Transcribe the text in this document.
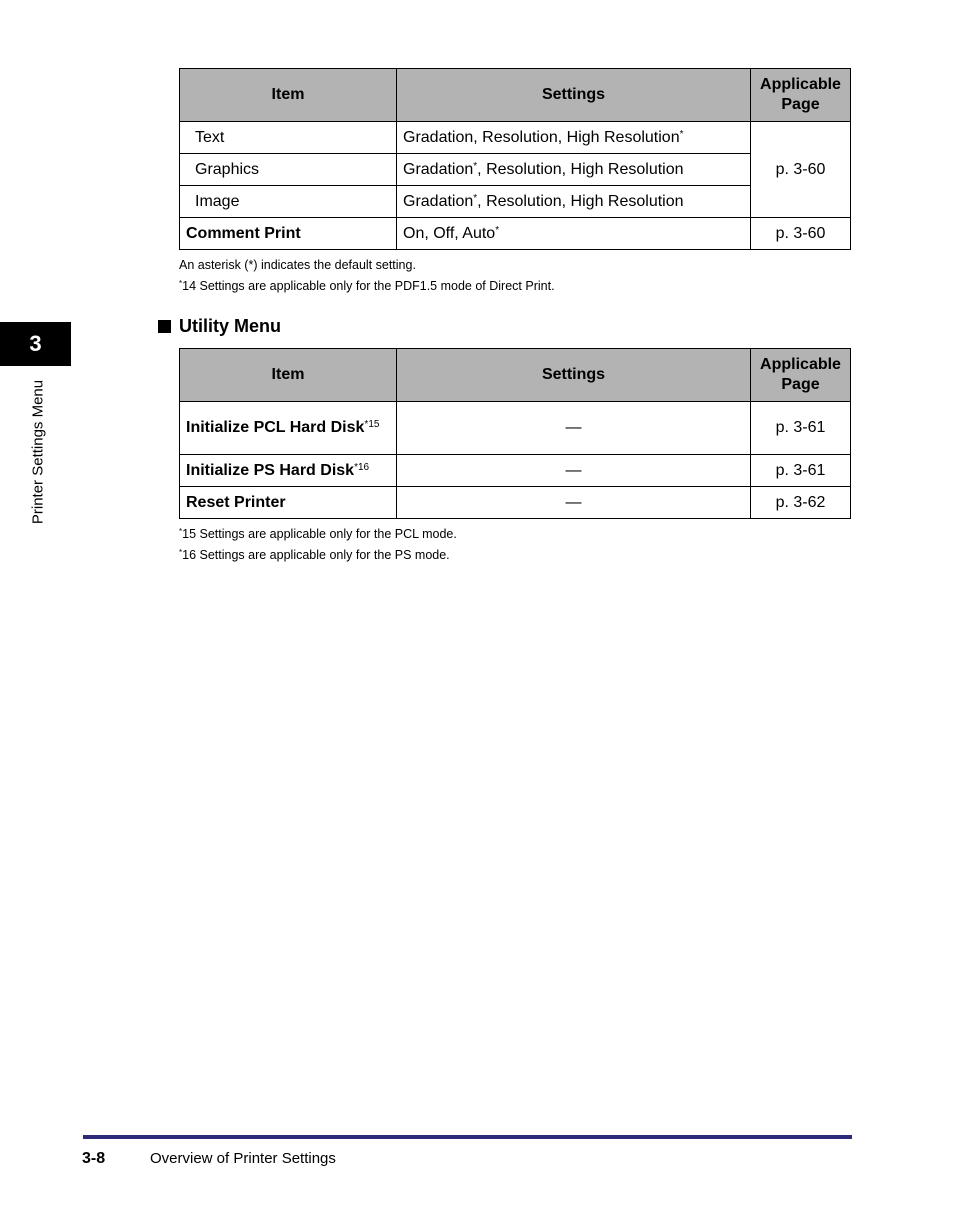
3
Printer Settings Menu
Item	Settings	Applicable Page
Text	Gradation, Resolution, High Resolution*	p. 3-60
Graphics	Gradation*, Resolution, High Resolution	
Image	Gradation*, Resolution, High Resolution	
Comment Print	On, Off, Auto*	p. 3-60
An asterisk (*) indicates the default setting.
*14 Settings are applicable only for the PDF1.5 mode of Direct Print.
Utility Menu
Item	Settings	Applicable Page
Initialize PCL Hard Disk$^{*15}$	—	p. 3-61
Initialize PS Hard Disk$^{*16}$	—	p. 3-61
Reset Printer	—	p. 3-62
*15 Settings are applicable only for the PCL mode.
*16 Settings are applicable only for the PS mode.
3-8	Overview of Printer Settings
